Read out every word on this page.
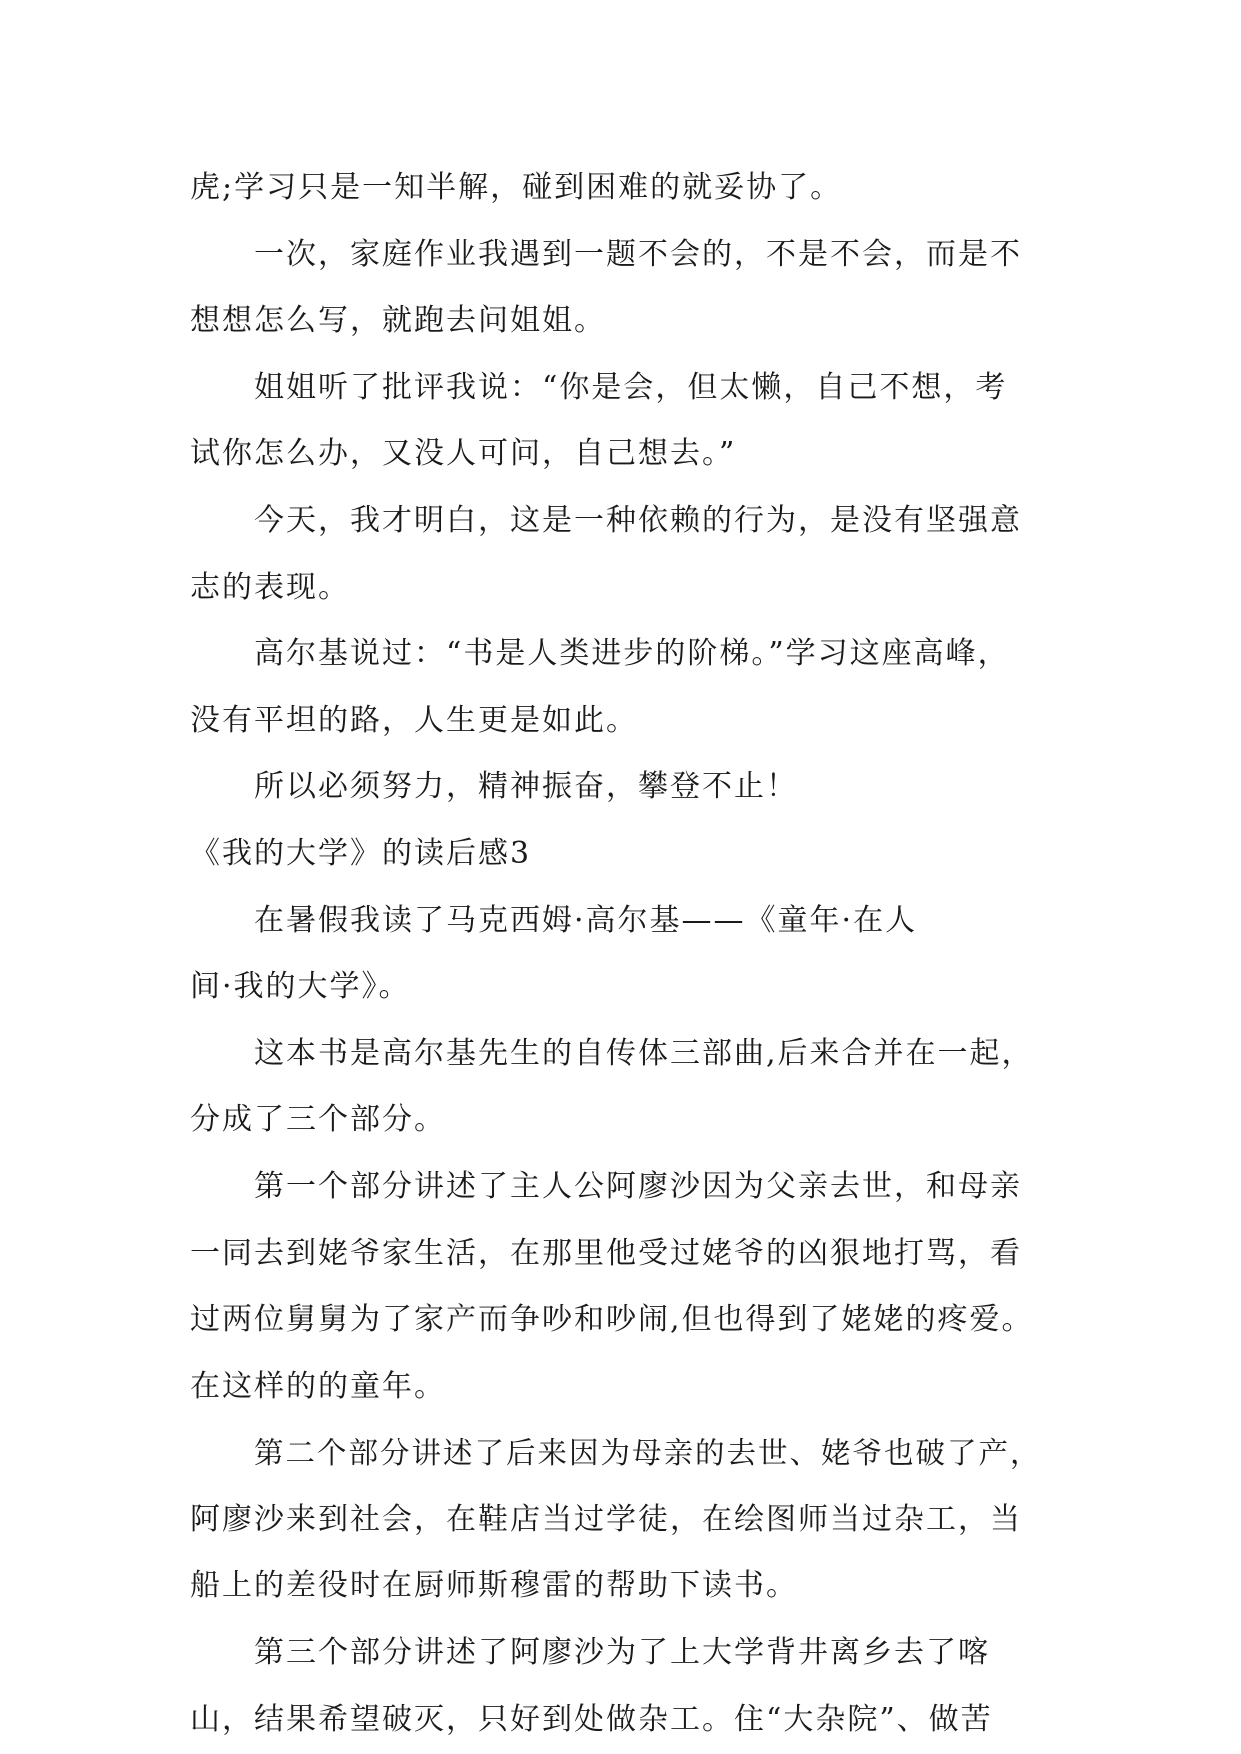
虎;学习只是一知半解，碰到困难的就妥协了。
一次，家庭作业我遇到一题不会的，不是不会，而是不
想想怎么写，就跑去问姐姐。
姐姐听了批评我说：“你是会，但太懒，自己不想，考
试你怎么办，又没人可问，自己想去。”
今天，我才明白，这是一种依赖的行为，是没有坚强意
志的表现。
高尔基说过：“书是人类进步的阶梯。”学习这座高峰，
没有平坦的路，人生更是如此。
所以必须努力，精神振奋，攀登不止！
《我的大学》的读后感3
在暑假我读了马克西姆·高尔基——《童年·在人
间·我的大学》。
这本书是高尔基先生的自传体三部曲,后来合并在一起，
分成了三个部分。
第一个部分讲述了主人公阿廖沙因为父亲去世，和母亲
一同去到姥爷家生活，在那里他受过姥爷的凶狠地打骂，看
过两位舅舅为了家产而争吵和吵闹,但也得到了姥姥的疼爱。
在这样的的童年。
第二个部分讲述了后来因为母亲的去世、姥爷也破了产，
阿廖沙来到社会，在鞋店当过学徒，在绘图师当过杂工，当
船上的差役时在厨师斯穆雷的帮助下读书。
第三个部分讲述了阿廖沙为了上大学背井离乡去了喀
山，结果希望破灭，只好到处做杂工。住“大杂院”、做苦
